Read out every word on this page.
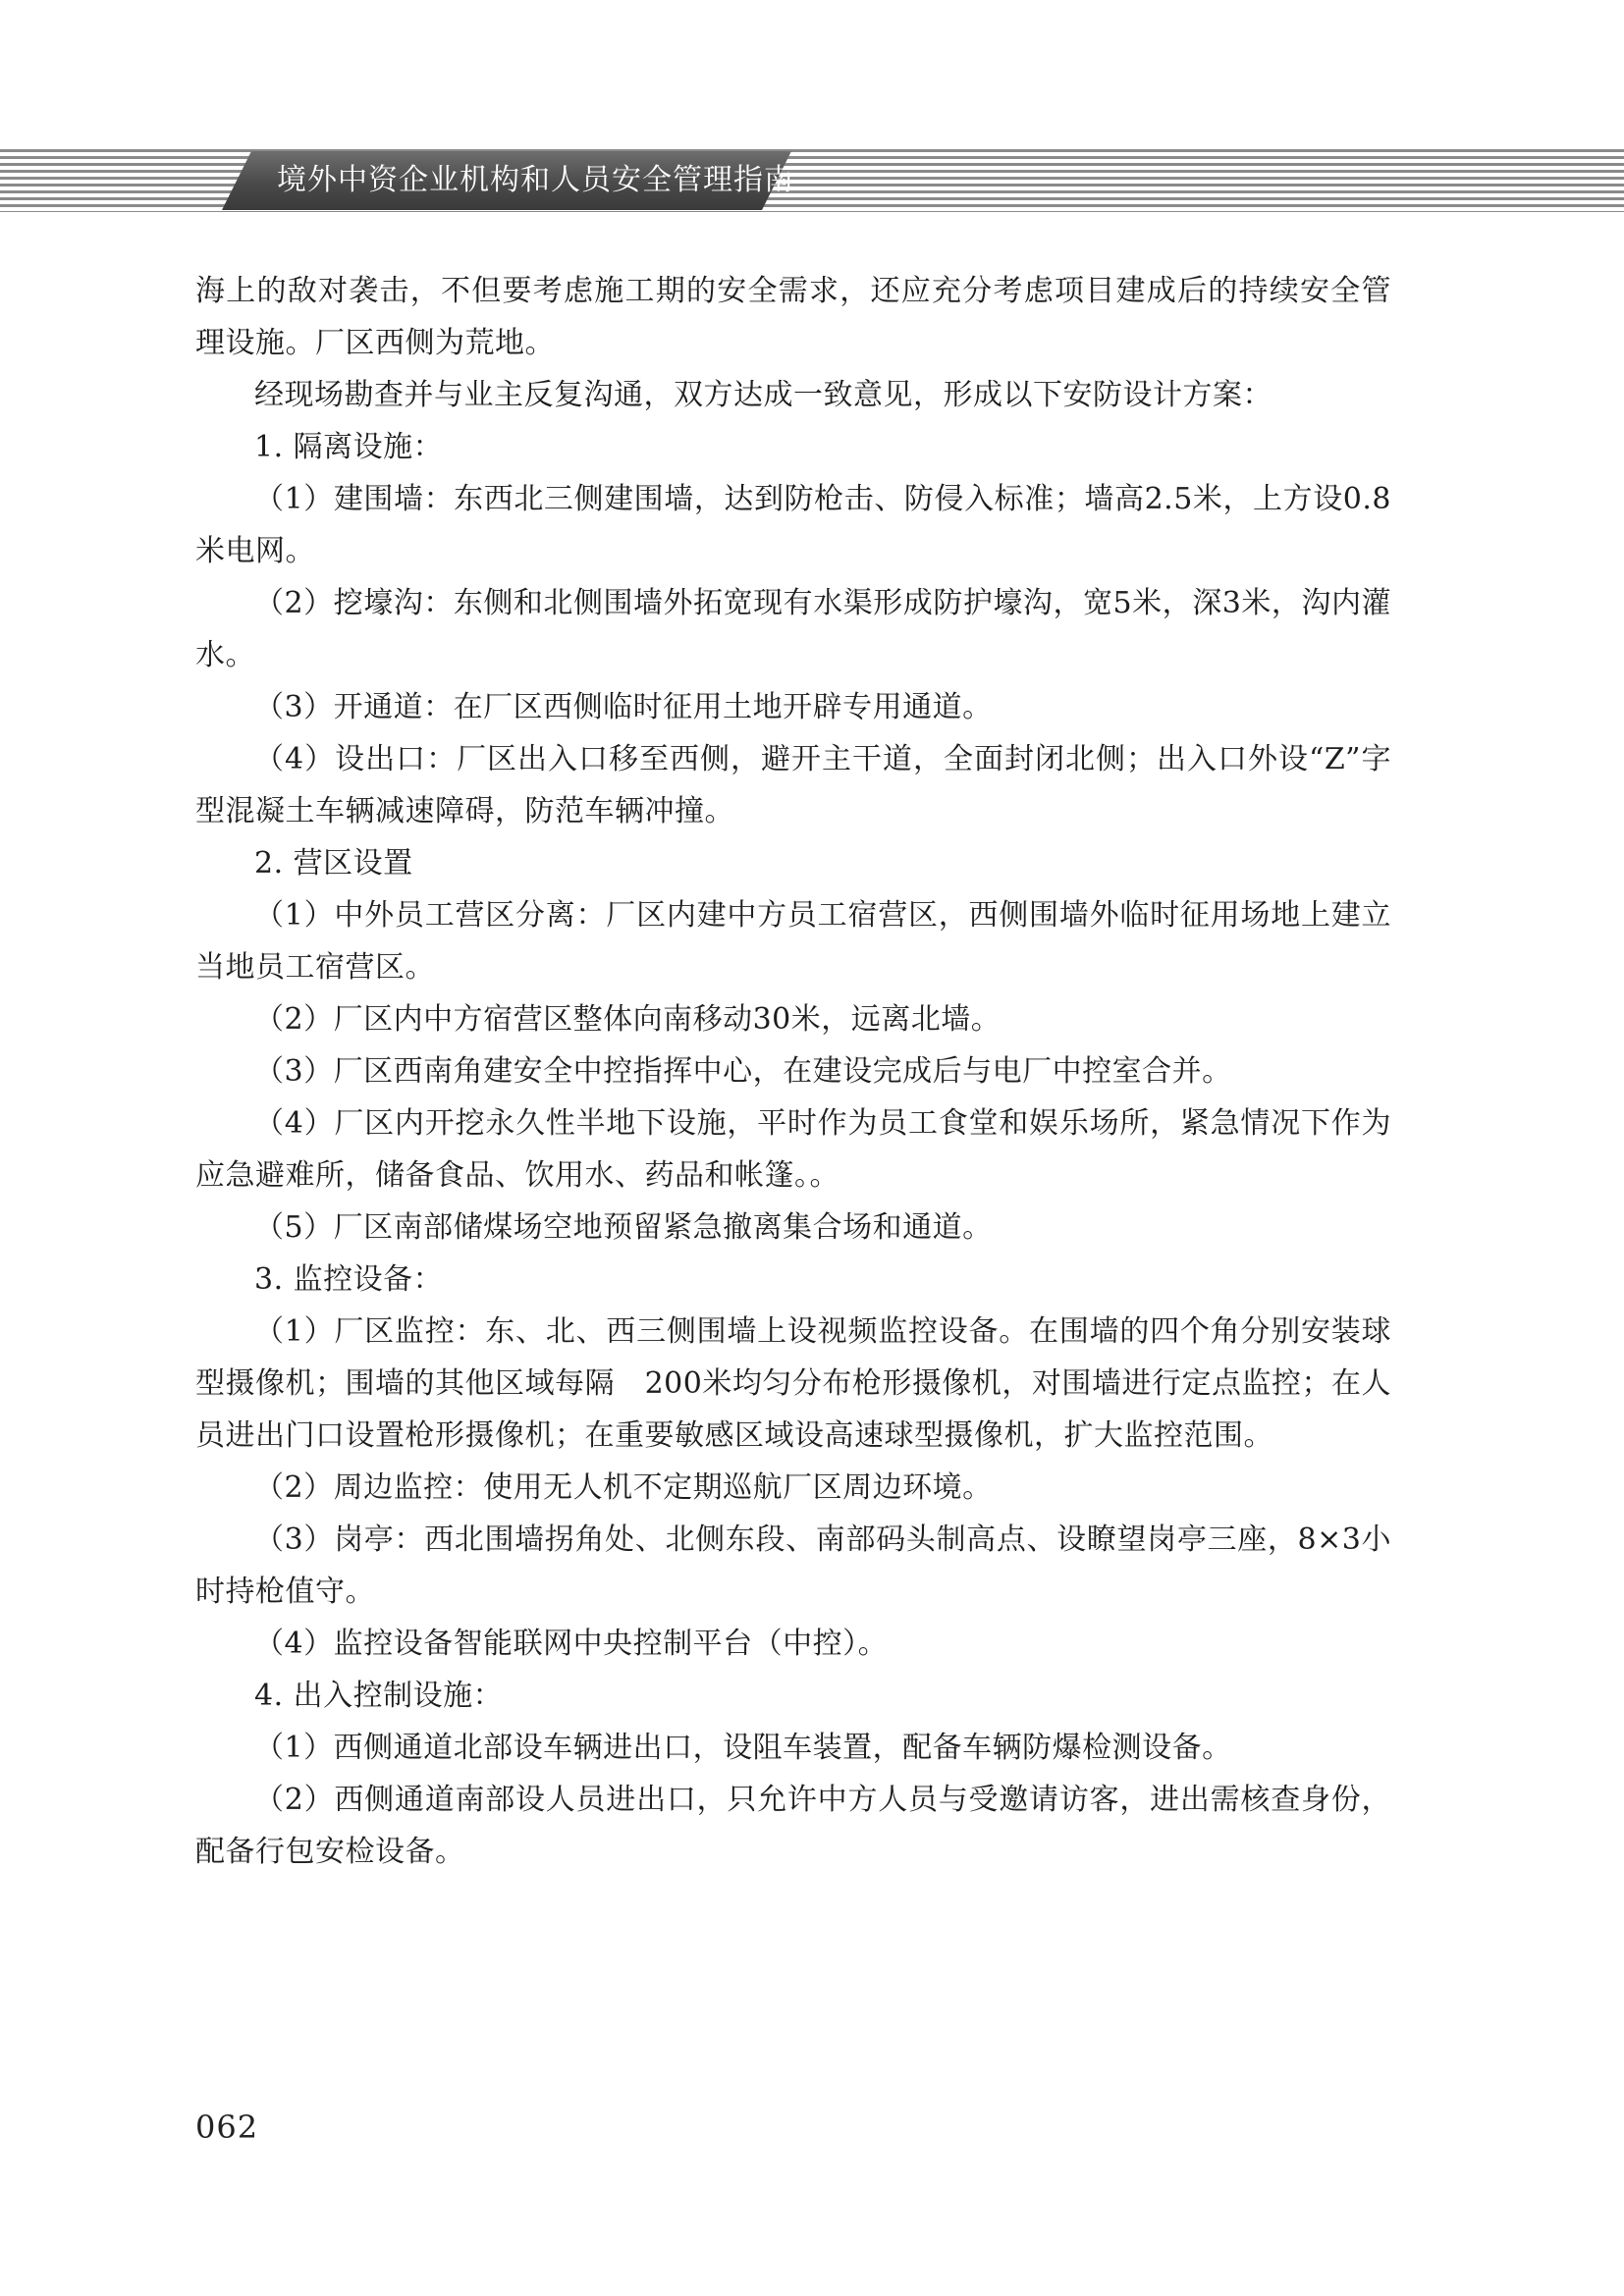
境外中资企业机构和人员安全管理指南

海上的敌对袭击，不但要考虑施工期的安全需求，还应充分考虑项目建成后的持续安全管理设施。厂区西侧为荒地。

经现场勘查并与业主反复沟通，双方达成一致意见，形成以下安防设计方案：

1. 隔离设施：

（1）建围墙：东西北三侧建围墙，达到防枪击、防侵入标准；墙高2.5米，上方设0.8米电网。

（2）挖壕沟：东侧和北侧围墙外拓宽现有水渠形成防护壕沟，宽5米，深3米，沟内灌水。

（3）开通道：在厂区西侧临时征用土地开辟专用通道。

（4）设出口：厂区出入口移至西侧，避开主干道，全面封闭北侧；出入口外设“Z”字型混凝土车辆减速障碍，防范车辆冲撞。

2. 营区设置

（1）中外员工营区分离：厂区内建中方员工宿营区，西侧围墙外临时征用场地上建立当地员工宿营区。

（2）厂区内中方宿营区整体向南移动30米，远离北墙。

（3）厂区西南角建安全中控指挥中心，在建设完成后与电厂中控室合并。

（4）厂区内开挖永久性半地下设施，平时作为员工食堂和娱乐场所，紧急情况下作为应急避难所，储备食品、饮用水、药品和帐篷。。

（5）厂区南部储煤场空地预留紧急撤离集合场和通道。

3. 监控设备：

（1）厂区监控：东、北、西三侧围墙上设视频监控设备。在围墙的四个角分别安装球型摄像机；围墙的其他区域每隔　200米均匀分布枪形摄像机，对围墙进行定点监控；在人员进出门口设置枪形摄像机；在重要敏感区域设高速球型摄像机，扩大监控范围。

（2）周边监控：使用无人机不定期巡航厂区周边环境。

（3）岗亭：西北围墙拐角处、北侧东段、南部码头制高点、设瞭望岗亭三座，8×3小时持枪值守。

（4）监控设备智能联网中央控制平台（中控）。

4. 出入控制设施：

（1）西侧通道北部设车辆进出口，设阻车装置，配备车辆防爆检测设备。

（2）西侧通道南部设人员进出口，只允许中方人员与受邀请访客，进出需核查身份，配备行包安检设备。

062
